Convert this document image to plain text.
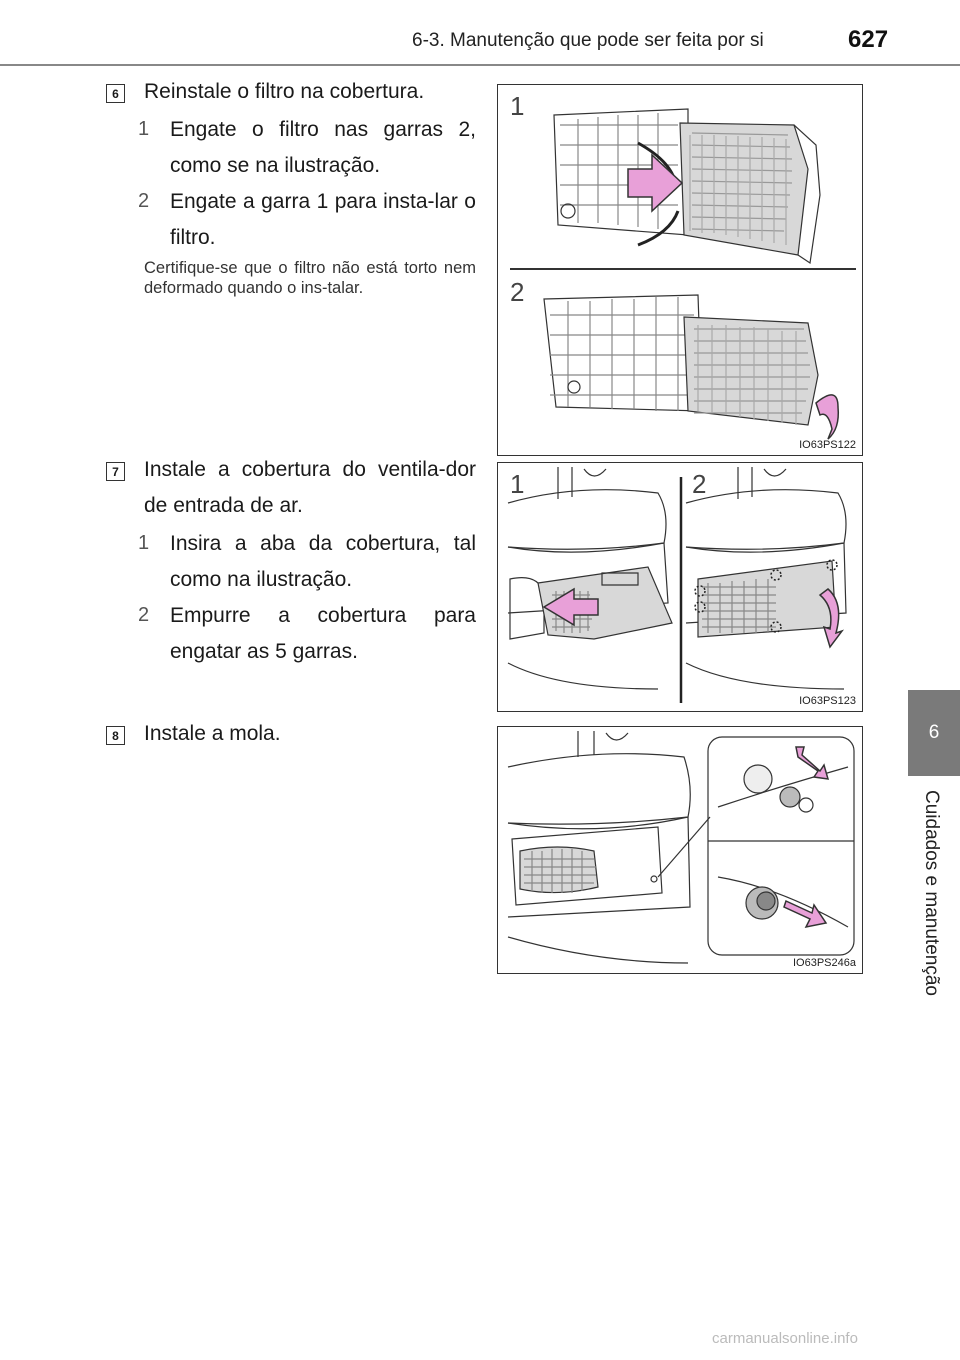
6-3. Manutenção que pode ser feita por si	627
6
Cuidados e manutenção
6 Reinstale o filtro na cobertura.
1 Engate o filtro nas garras 2, como se na ilustração.
2 Engate a garra 1 para insta-lar o filtro.
Certifique-se que o filtro não está torto nem deformado quando o ins-talar.
1
2
IO63PS122
7 Instale a cobertura do ventila-dor de entrada de ar.
1 Insira a aba da cobertura, tal como na ilustração.
2 Empurre a cobertura para engatar as 5 garras.
1	2
IO63PS123
8 Instale a mola.
IO63PS246a
carmanualsonline.info
